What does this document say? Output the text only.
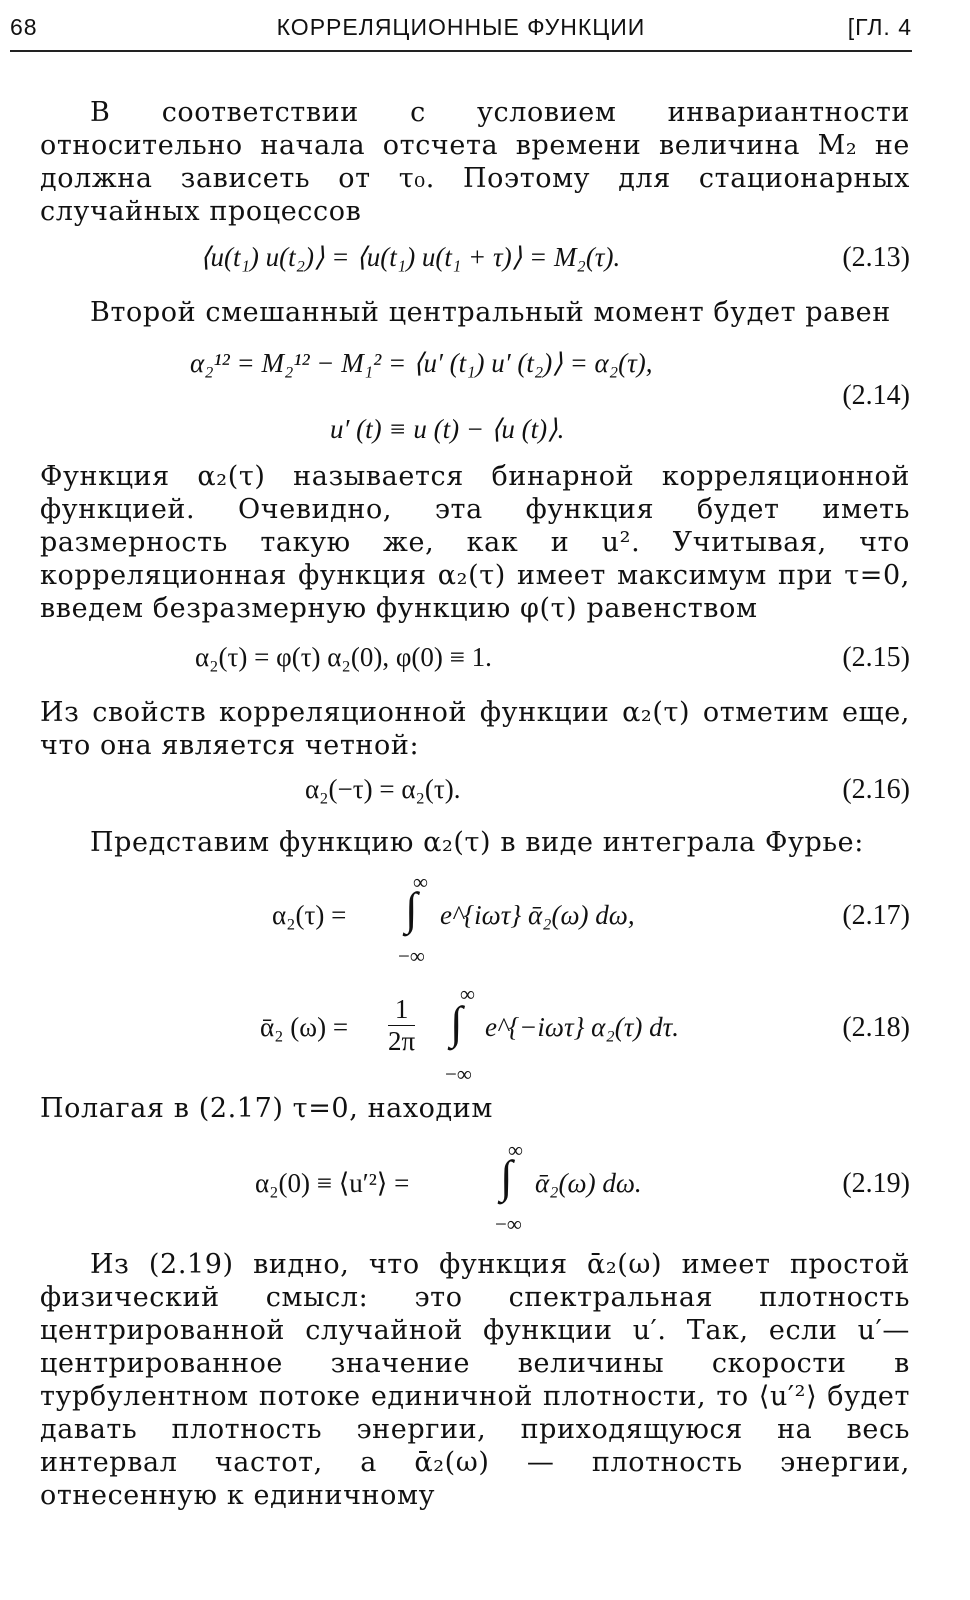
68	КОРРЕЛЯЦИОННЫЕ ФУНКЦИИ	[ГЛ. 4
В соответствии с условием инвариантности относительно начала отсчета времени величина M₂ не должна зависеть от τ₀. Поэтому для стационарных случайных процессов
⟨u(t₁) u(t₂)⟩ = ⟨u(t₁) u(t₁ + τ)⟩ = M₂(τ).	(2.13)
Второй смешанный центральный момент будет равен
α₂¹² = M₂¹² − M₁² = ⟨u′ (t₁) u′ (t₂)⟩ = α₂(τ),
(2.14)
u′ (t) ≡ u (t) − ⟨u (t)⟩.
Функция α₂(τ) называется бинарной корреляционной функцией. Очевидно, эта функция будет иметь размерность такую же, как и u². Учитывая, что корреляционная функция α₂(τ) имеет максимум при τ=0, введем безразмерную функцию φ(τ) равенством
α₂(τ) = φ(τ) α₂(0), φ(0) ≡ 1.	(2.15)
Из свойств корреляционной функции α₂(τ) отметим еще, что она является четной:
α₂(−τ) = α₂(τ).	(2.16)
Представим функцию α₂(τ) в виде интеграла Фурье:
α₂(τ) =
∞
∫
−∞
e^{iωτ} ᾱ₂(ω) dω,	(2.17)
ᾱ₂ $(\omega) = \frac{1}{2\pi}$ ∞
∫
−∞
e^{−iωτ} α₂(τ) dτ.	(2.18)
Полагая в (2.17) τ=0, находим
α₂(0) ≡ ⟨u′²⟩ =
∞
∫
−∞
ᾱ₂(ω) dω.	(2.19)
Из (2.19) видно, что функция ᾱ₂(ω) имеет простой физический смысл: это спектральная плотность центрированной случайной функции u′. Так, если u′— центрированное значение величины скорости в турбулентном потоке единичной плотности, то ⟨u′²⟩ будет давать плотность энергии, приходящуюся на весь интервал частот, а ᾱ₂(ω) — плотность энергии, отнесенную к единичному
